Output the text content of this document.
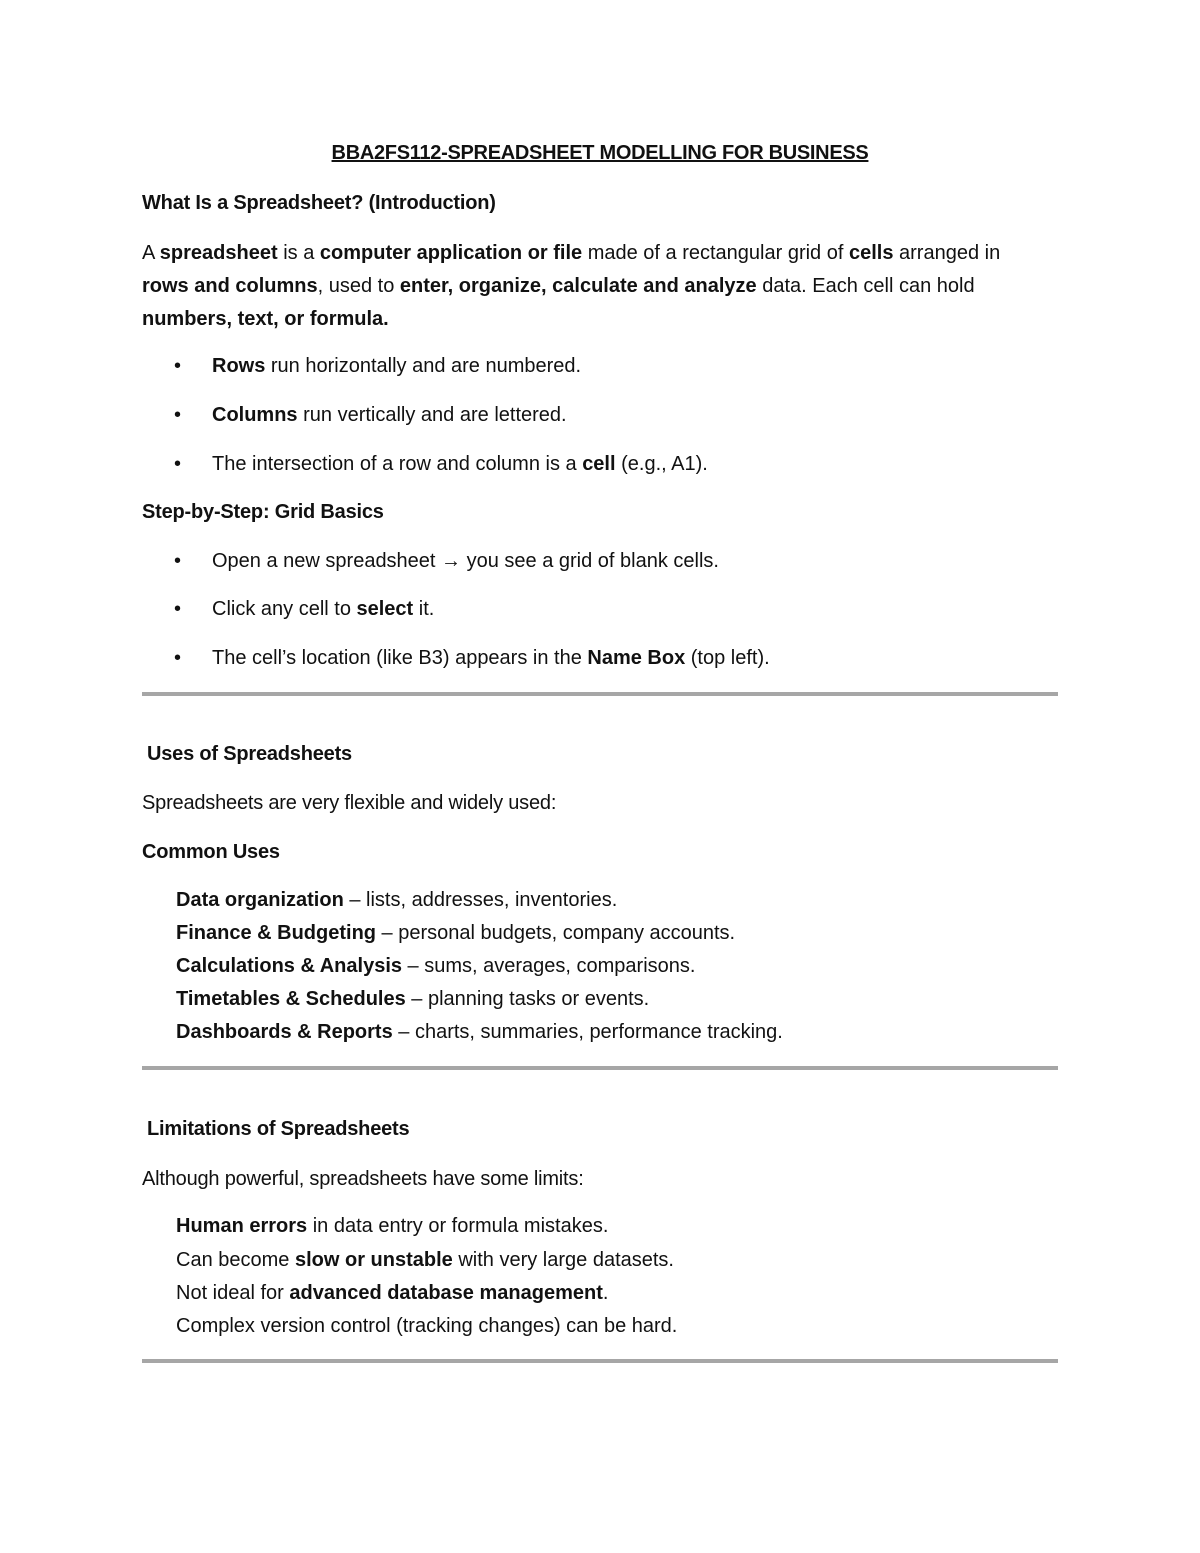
BBA2FS112-SPREADSHEET MODELLING FOR BUSINESS
What Is a Spreadsheet? (Introduction)
A spreadsheet is a computer application or file made of a rectangular grid of cells arranged in
rows and columns, used to enter, organize, calculate and analyze data. Each cell can hold
numbers, text, or formula.
• Rows run horizontally and are numbered.
• Columns run vertically and are lettered.
• The intersection of a row and column is a cell (e.g., A1).
Step-by-Step: Grid Basics
• Open a new spreadsheet → you see a grid of blank cells.
• Click any cell to select it.
• The cell’s location (like B3) appears in the Name Box (top left).
Uses of Spreadsheets
Spreadsheets are very flexible and widely used:
Common Uses
Data organization – lists, addresses, inventories.
Finance & Budgeting – personal budgets, company accounts.
Calculations & Analysis – sums, averages, comparisons.
Timetables & Schedules – planning tasks or events.
Dashboards & Reports – charts, summaries, performance tracking.
Limitations of Spreadsheets
Although powerful, spreadsheets have some limits:
Human errors in data entry or formula mistakes.
Can become slow or unstable with very large datasets.
Not ideal for advanced database management.
Complex version control (tracking changes) can be hard.
